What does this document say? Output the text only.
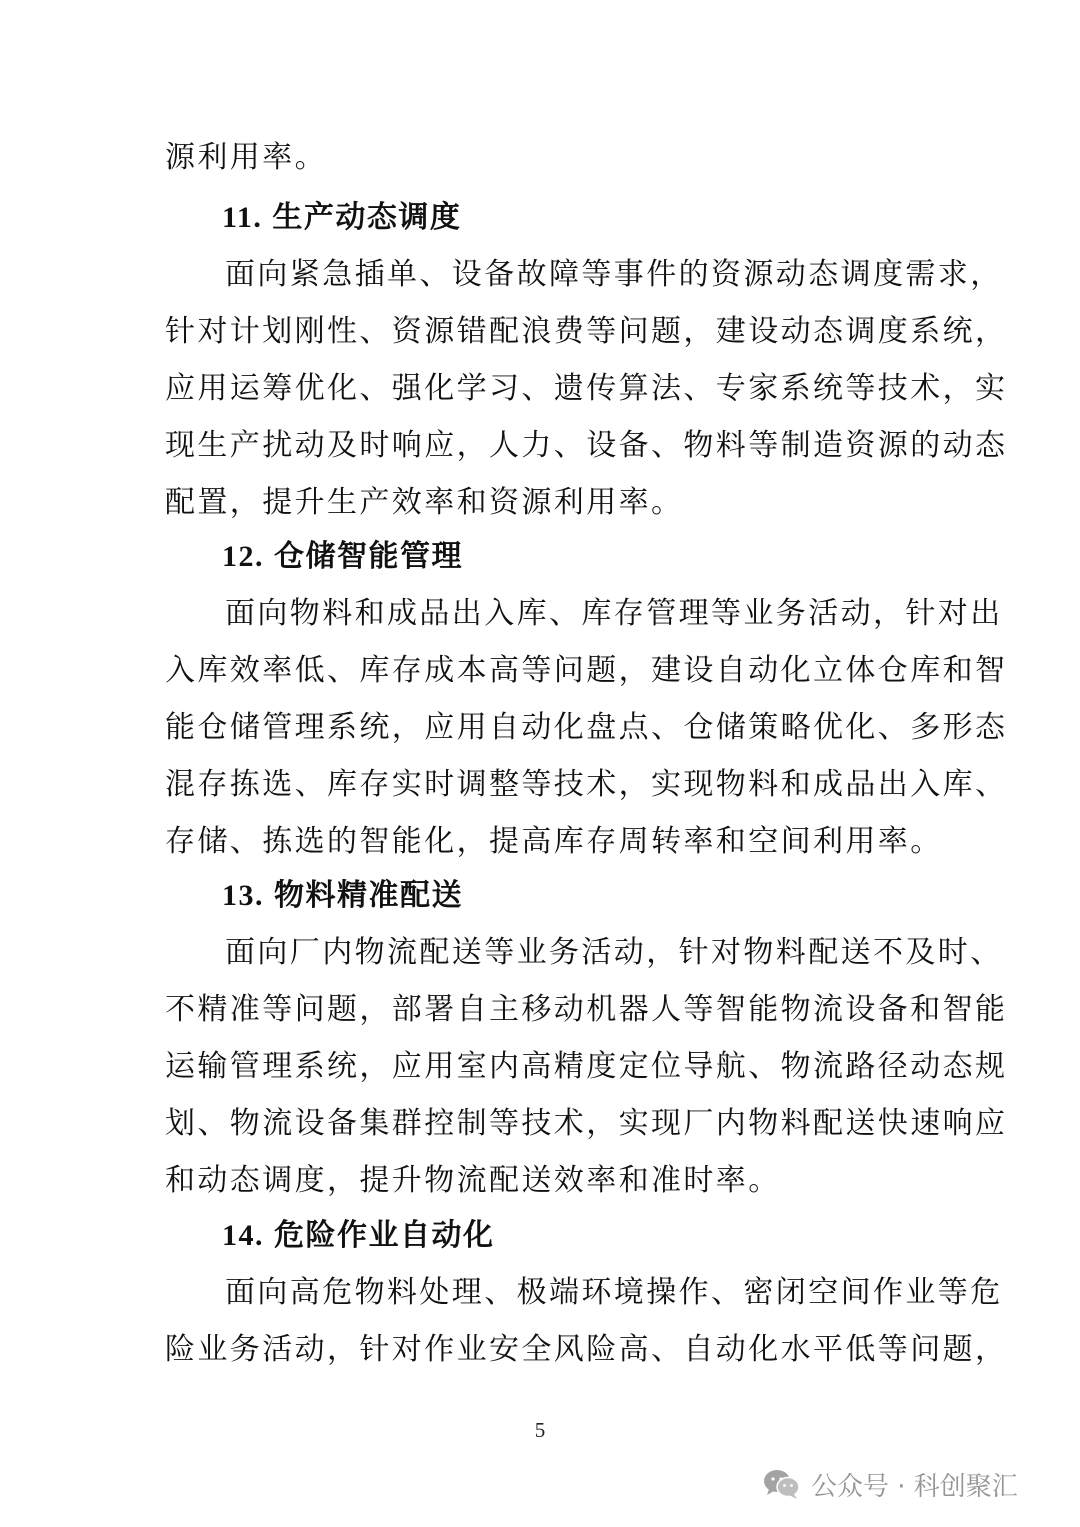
源利用率。
11. 生产动态调度
面向紧急插单、设备故障等事件的资源动态调度需求，
针对计划刚性、资源错配浪费等问题，建设动态调度系统，
应用运筹优化、强化学习、遗传算法、专家系统等技术，实
现生产扰动及时响应，人力、设备、物料等制造资源的动态
配置，提升生产效率和资源利用率。
12. 仓储智能管理
面向物料和成品出入库、库存管理等业务活动，针对出
入库效率低、库存成本高等问题，建设自动化立体仓库和智
能仓储管理系统，应用自动化盘点、仓储策略优化、多形态
混存拣选、库存实时调整等技术，实现物料和成品出入库、
存储、拣选的智能化，提高库存周转率和空间利用率。
13. 物料精准配送
面向厂内物流配送等业务活动，针对物料配送不及时、
不精准等问题，部署自主移动机器人等智能物流设备和智能
运输管理系统，应用室内高精度定位导航、物流路径动态规
划、物流设备集群控制等技术，实现厂内物料配送快速响应
和动态调度，提升物流配送效率和准时率。
14. 危险作业自动化
面向高危物料处理、极端环境操作、密闭空间作业等危
险业务活动，针对作业安全风险高、自动化水平低等问题，
5
公众号 · 科创聚汇
